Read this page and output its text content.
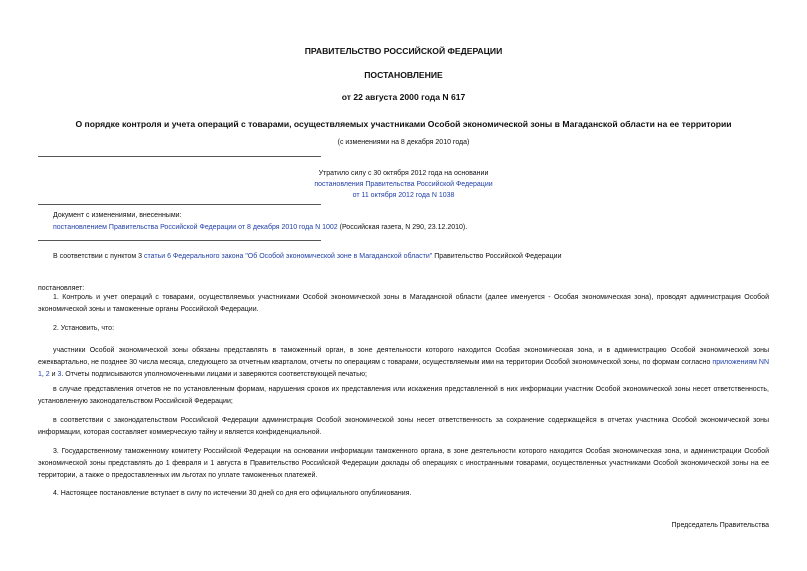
ПРАВИТЕЛЬСТВО РОССИЙСКОЙ ФЕДЕРАЦИИ
ПОСТАНОВЛЕНИЕ
от 22 августа 2000 года N 617
О порядке контроля и учета операций с товарами, осуществляемых участниками Особой экономической зоны в Магаданской области на ее территории
(с изменениями на 8 декабря 2010 года)
Утратило силу с 30 октября 2012 года на основании
постановления Правительства Российской Федерации
от 11 октября 2012 года N 1038
Документ с изменениями, внесенными:
постановлением Правительства Российской Федерации от 8 декабря 2010 года N 1002 (Российская газета, N 290, 23.12.2010).
В соответствии с пунктом 3 статьи 6 Федерального закона "Об Особой экономической зоне в Магаданской области" Правительство Российской Федерации
постановляет:
1. Контроль и учет операций с товарами, осуществляемых участниками Особой экономической зоны в Магаданской области (далее именуется - Особая экономическая зона), проводят администрация Особой экономической зоны и таможенные органы Российской Федерации.
2. Установить, что:
участники Особой экономической зоны обязаны представлять в таможенный орган, в зоне деятельности которого находится Особая экономическая зона, и в администрацию Особой экономической зоны ежеквартально, не позднее 30 числа месяца, следующего за отчетным кварталом, отчеты по операциям с товарами, осуществляемым ими на территории Особой экономической зоны, по формам согласно приложениям NN 1, 2 и 3. Отчеты подписываются уполномоченными лицами и заверяются соответствующей печатью;
в случае представления отчетов не по установленным формам, нарушения сроков их представления или искажения представленной в них информации участник Особой экономической зоны несет ответственность, установленную законодательством Российской Федерации;
в соответствии с законодательством Российской Федерации администрация Особой экономической зоны несет ответственность за сохранение содержащейся в отчетах участника Особой экономической зоны информации, которая составляет коммерческую тайну и является конфиденциальной.
3. Государственному таможенному комитету Российской Федерации на основании информации таможенного органа, в зоне деятельности которого находится Особая экономическая зона, и администрации Особой экономической зоны представлять до 1 февраля и 1 августа в Правительство Российской Федерации доклады об операциях с иностранными товарами, осуществленных участниками Особой экономической зоны на ее территории, а также о предоставленных им льготах по уплате таможенных платежей.
4. Настоящее постановление вступает в силу по истечении 30 дней со дня его официального опубликования.
Председатель Правительства
